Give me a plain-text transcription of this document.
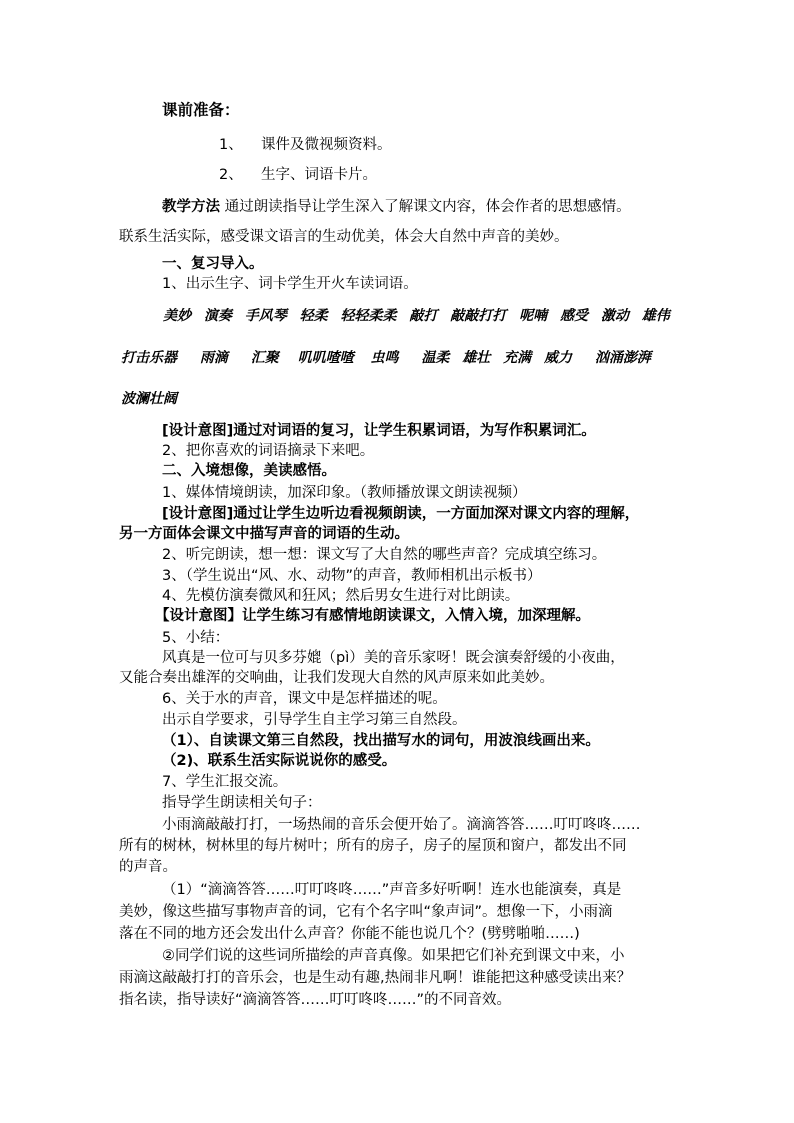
课前准备：
1、 课件及微视频资料。
2、 生字、词语卡片。
教学方法 通过朗读指导让学生深入了解课文内容，体会作者的思想感情。
联系生活实际，感受课文语言的生动优美，体会大自然中声音的美妙。
一、复习导入。
1、出示生字、词卡学生开火车读词语。
美妙 演奏 手风琴 轻柔 轻轻柔柔 敲打 敲敲打打 呢喃 感受 激动 雄伟
打击乐器 雨滴 汇聚 叽叽喳喳 虫鸣 温柔 雄壮 充满 威力 汹涌澎湃
波澜壮阔
[设计意图]通过对词语的复习，让学生积累词语，为写作积累词汇。
2、把你喜欢的词语摘录下来吧。
二、入境想像，美读感悟。
1、媒体情境朗读，加深印象。（教师播放课文朗读视频）
[设计意图]通过让学生边听边看视频朗读，一方面加深对课文内容的理解，
另一方面体会课文中描写声音的词语的生动。
2、听完朗读，想一想：课文写了大自然的哪些声音？完成填空练习。
3、（学生说出“风、水、动物”的声音，教师相机出示板书）
4、先模仿演奏微风和狂风；然后男女生进行对比朗读。
【设计意图】让学生练习有感情地朗读课文，入情入境，加深理解。
5、小结：
风真是一位可与贝多芬媲（pì）美的音乐家呀！既会演奏舒缓的小夜曲，
又能合奏出雄浑的交响曲，让我们发现大自然的风声原来如此美妙。
6、关于水的声音，课文中是怎样描述的呢。
出示自学要求，引导学生自主学习第三自然段。
（1）、自读课文第三自然段，找出描写水的词句，用波浪线画出来。
（2)、联系生活实际说说你的感受。
7、学生汇报交流。
指导学生朗读相关句子：
小雨滴敲敲打打，一场热闹的音乐会便开始了。滴滴答答……叮叮咚咚……
所有的树林，树林里的每片树叶；所有的房子，房子的屋顶和窗户，都发出不同
的声音。
（1）“滴滴答答……叮叮咚咚……”声音多好听啊！连水也能演奏，真是
美妙，像这些描写事物声音的词，它有个名字叫“象声词”。想像一下，小雨滴
落在不同的地方还会发出什么声音？你能不能也说几个？(劈劈啪啪……)
②同学们说的这些词所描绘的声音真像。如果把它们补充到课文中来，小
雨滴这敲敲打打的音乐会，也是生动有趣,热闹非凡啊！谁能把这种感受读出来？
指名读，指导读好“滴滴答答……叮叮咚咚……”的不同音效。
